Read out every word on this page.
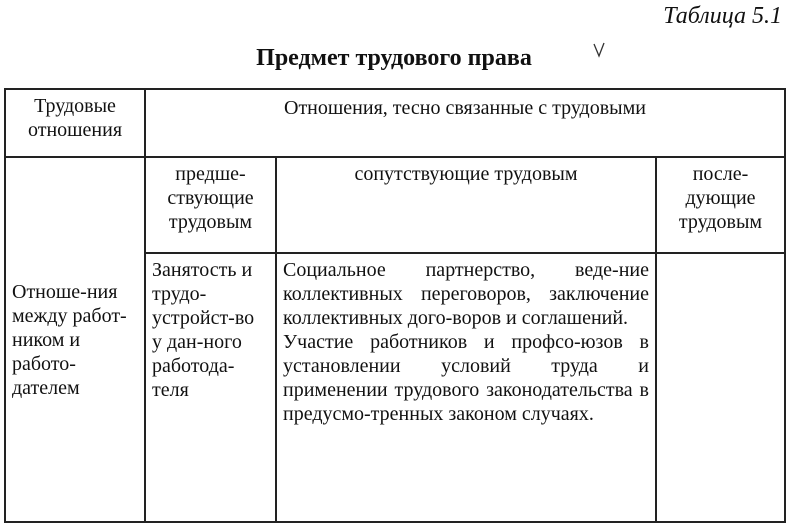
Таблица 5.1
Предмет трудового права
Трудовые отношения	Отношения, тесно связанные с трудовыми		
Отноше-ния между работ-ником и работо-дателем	предше-ствующие трудовым	сопутствующие трудовым	после-дующие трудовым
	Занятость и трудо-устройст-во у дан-ного работода-теля	Социальное партнерство, веде-ние коллективных переговоров, заключение коллективных дого-воров и соглашений.
Участие работников и профсо-юзов в установлении условий труда и применении трудового законодательства в предусмо-тренных законом случаях.	
